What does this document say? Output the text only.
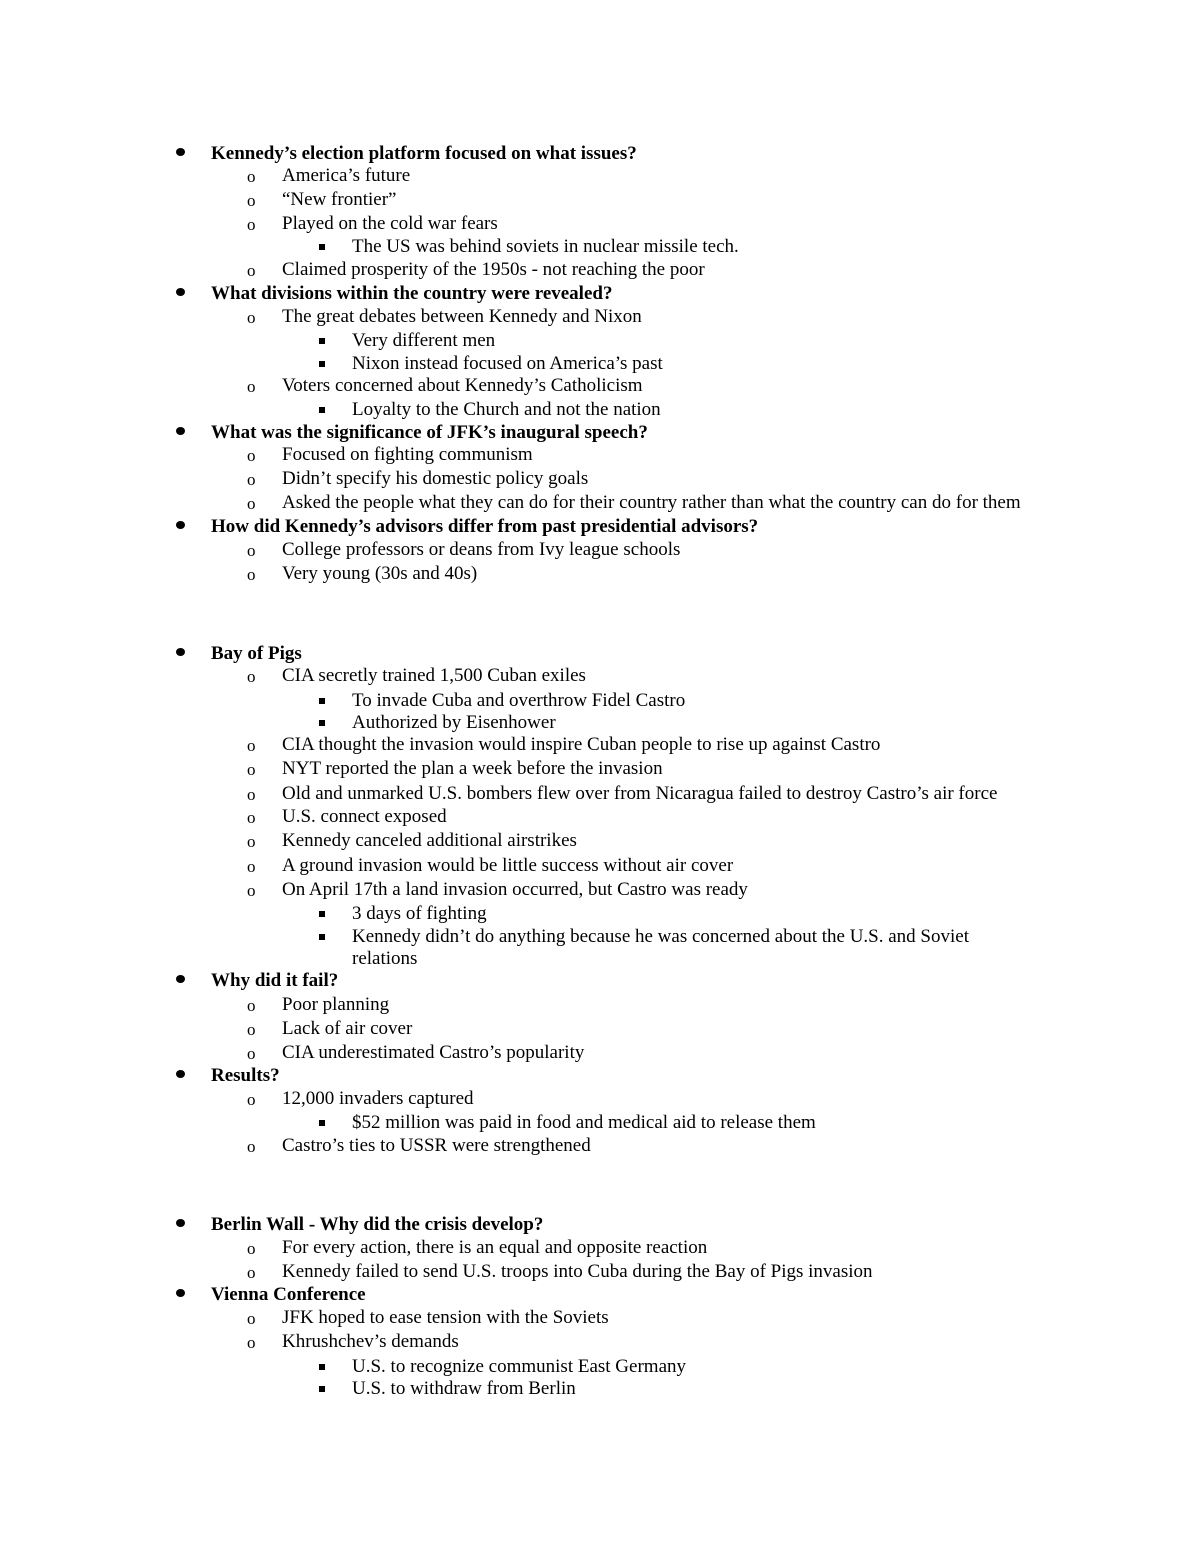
Kennedy’s election platform focused on what issues?
o America’s future
o “New frontier”
o Played on the cold war fears
The US was behind soviets in nuclear missile tech.
o Claimed prosperity of the 1950s - not reaching the poor
What divisions within the country were revealed?
o The great debates between Kennedy and Nixon
Very different men
Nixon instead focused on America’s past
o Voters concerned about Kennedy’s Catholicism
Loyalty to the Church and not the nation
What was the significance of JFK’s inaugural speech?
o Focused on fighting communism
o Didn’t specify his domestic policy goals
o Asked the people what they can do for their country rather than what the country can do for them
How did Kennedy’s advisors differ from past presidential advisors?
o College professors or deans from Ivy league schools
o Very young (30s and 40s)
Bay of Pigs
o CIA secretly trained 1,500 Cuban exiles
To invade Cuba and overthrow Fidel Castro
Authorized by Eisenhower
o CIA thought the invasion would inspire Cuban people to rise up against Castro
o NYT reported the plan a week before the invasion
o Old and unmarked U.S. bombers flew over from Nicaragua failed to destroy Castro’s air force
o U.S. connect exposed
o Kennedy canceled additional airstrikes
o A ground invasion would be little success without air cover
o On April 17th a land invasion occurred, but Castro was ready
3 days of fighting
Kennedy didn’t do anything because he was concerned about the U.S. and Soviet
relations
Why did it fail?
o Poor planning
o Lack of air cover
o CIA underestimated Castro’s popularity
Results?
o 12,000 invaders captured
$52 million was paid in food and medical aid to release them
o Castro’s ties to USSR were strengthened
Berlin Wall - Why did the crisis develop?
o For every action, there is an equal and opposite reaction
o Kennedy failed to send U.S. troops into Cuba during the Bay of Pigs invasion
Vienna Conference
o JFK hoped to ease tension with the Soviets
o Khrushchev’s demands
U.S. to recognize communist East Germany
U.S. to withdraw from Berlin
